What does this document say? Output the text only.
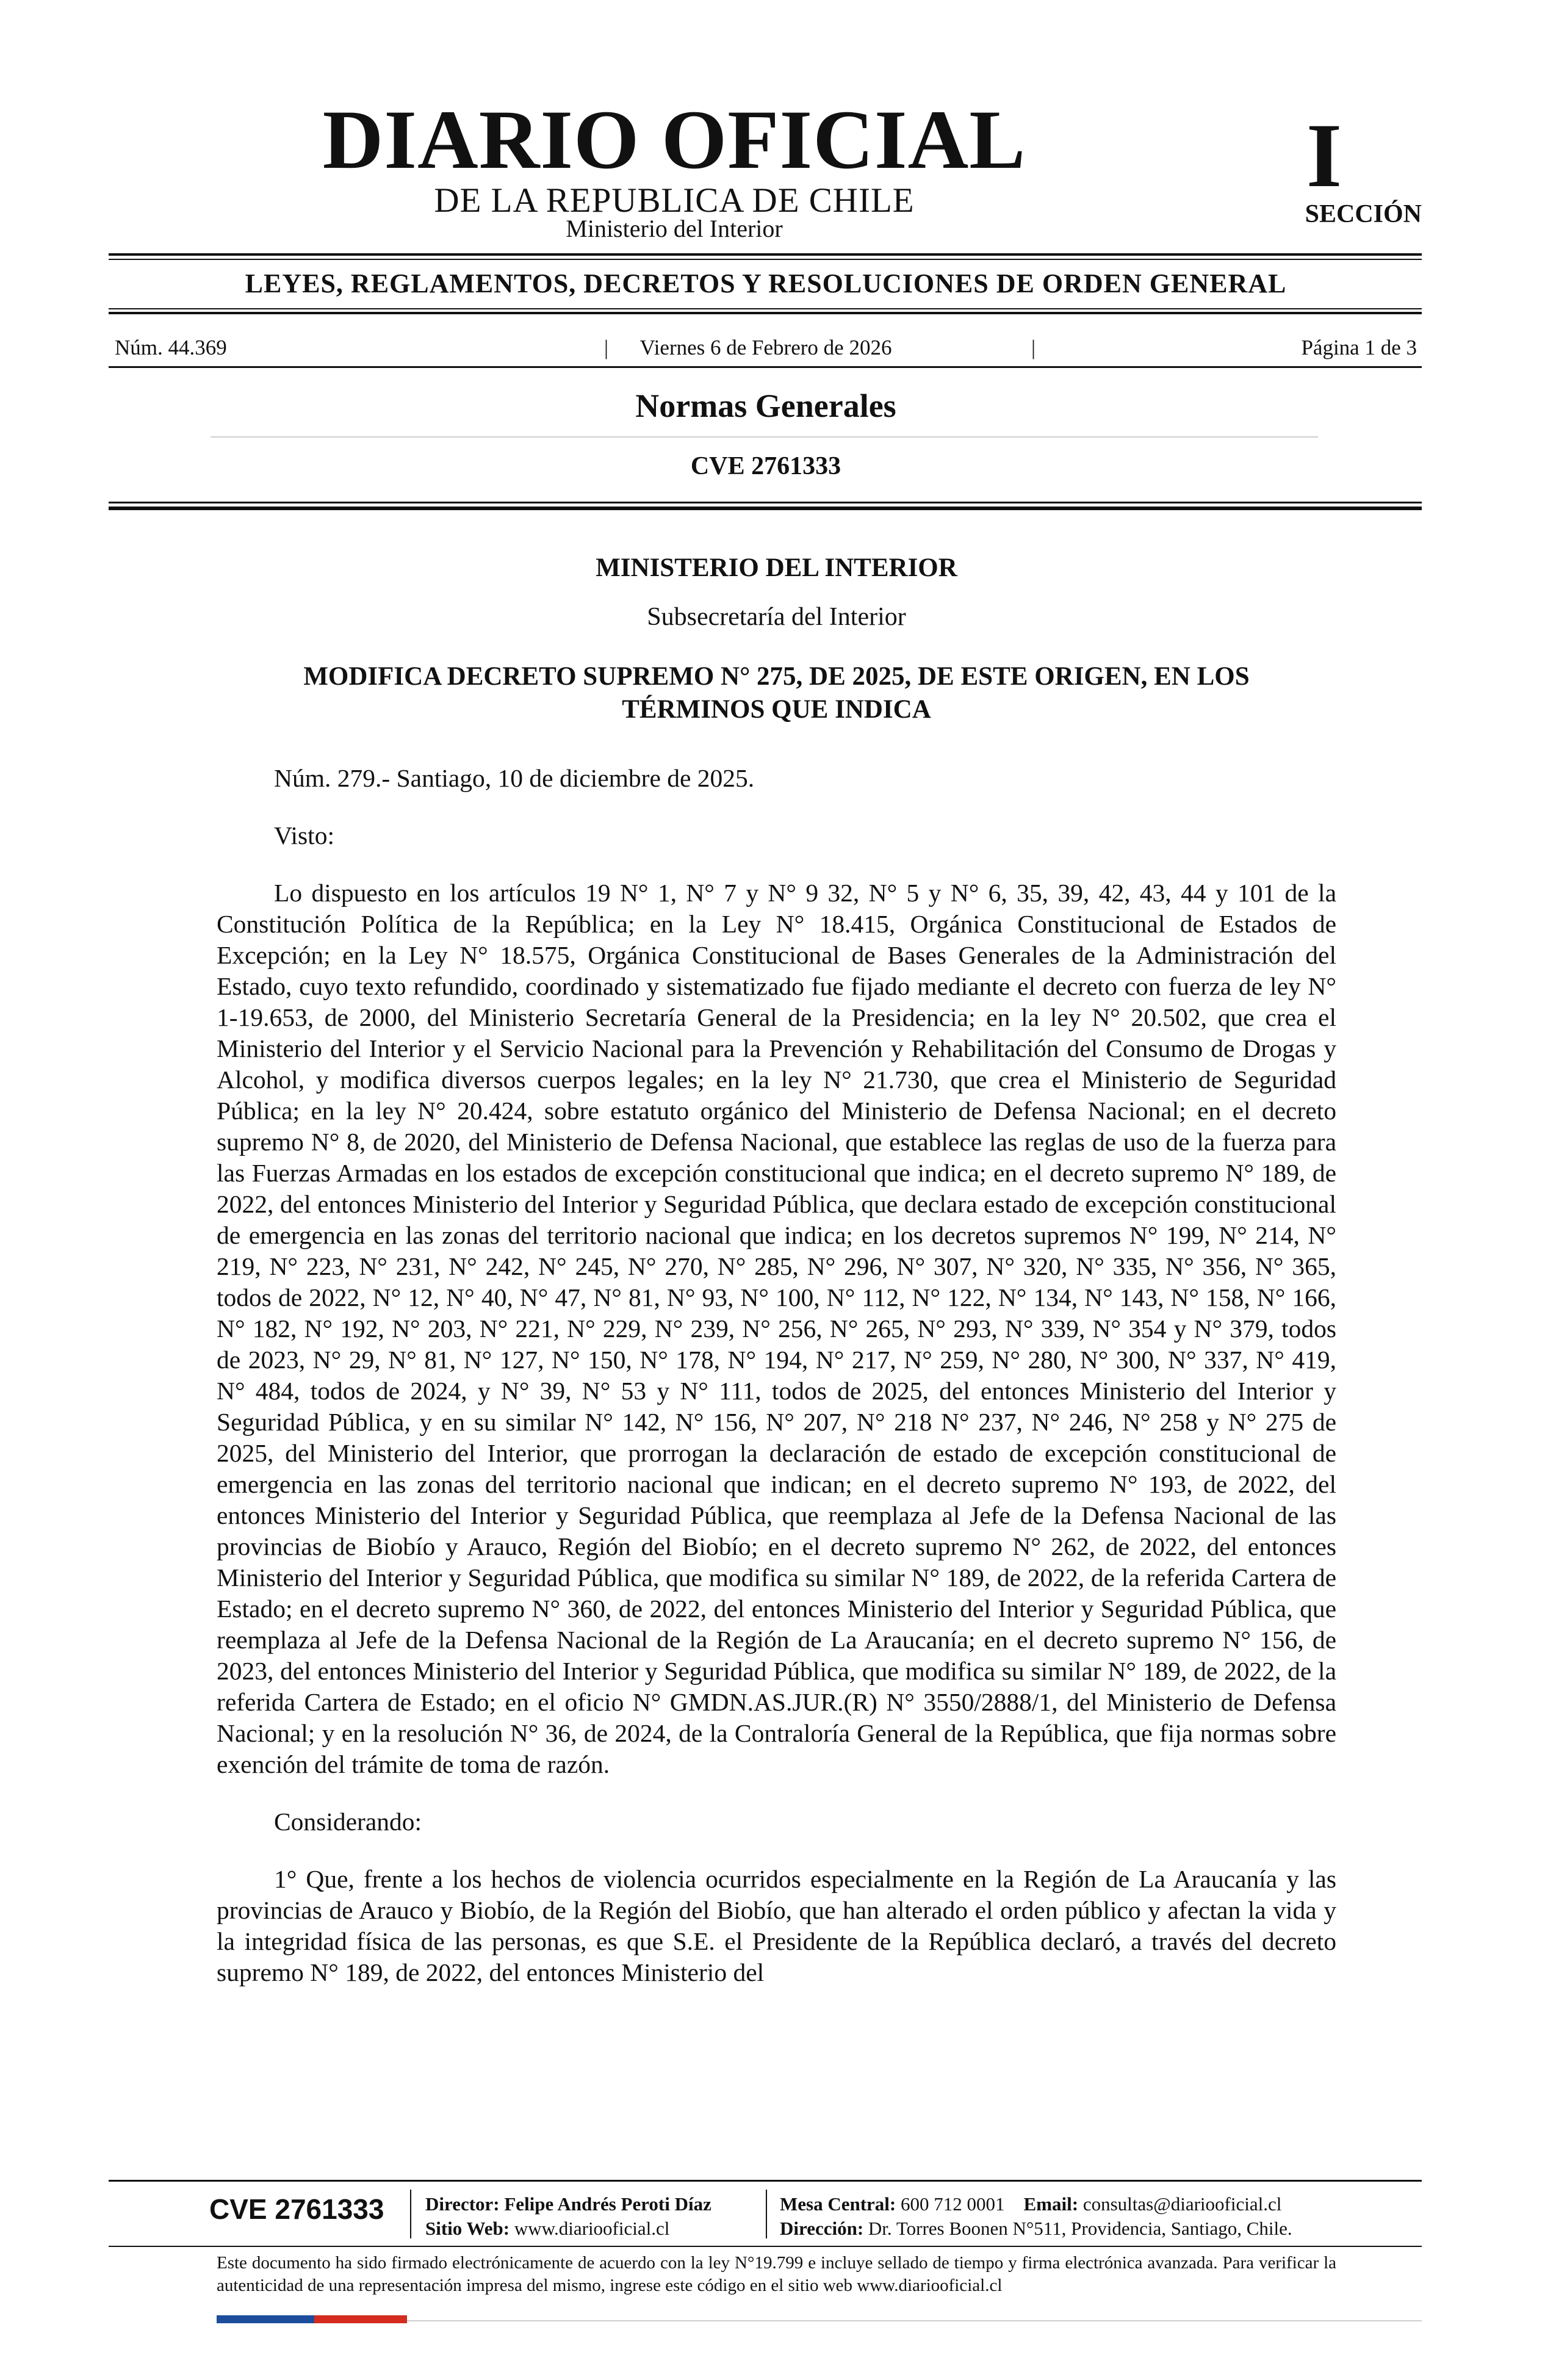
DIARIO OFICIAL
DE LA REPUBLICA DE CHILE
Ministerio del Interior
I
SECCIÓN
LEYES, REGLAMENTOS, DECRETOS Y RESOLUCIONES DE ORDEN GENERAL
Núm. 44.369	|	Viernes 6 de Febrero de 2026	|	Página 1 de 3
Normas Generales
CVE 2761333

MINISTERIO DEL INTERIOR

Subsecretaría del Interior

MODIFICA DECRETO SUPREMO N° 275, DE 2025, DE ESTE ORIGEN, EN LOS TÉRMINOS QUE INDICA

Núm. 279.- Santiago, 10 de diciembre de 2025.

Visto:

Lo dispuesto en los artículos 19 N° 1, N° 7 y N° 9 32, N° 5 y N° 6, 35, 39, 42, 43, 44 y 101 de la Constitución Política de la República; en la Ley N° 18.415, Orgánica Constitucional de Estados de Excepción; en la Ley N° 18.575, Orgánica Constitucional de Bases Generales de la Administración del Estado, cuyo texto refundido, coordinado y sistematizado fue fijado mediante el decreto con fuerza de ley N° 1-19.653, de 2000, del Ministerio Secretaría General de la Presidencia; en la ley N° 20.502, que crea el Ministerio del Interior y el Servicio Nacional para la Prevención y Rehabilitación del Consumo de Drogas y Alcohol, y modifica diversos cuerpos legales; en la ley N° 21.730, que crea el Ministerio de Seguridad Pública; en la ley N° 20.424, sobre estatuto orgánico del Ministerio de Defensa Nacional; en el decreto supremo N° 8, de 2020, del Ministerio de Defensa Nacional, que establece las reglas de uso de la fuerza para las Fuerzas Armadas en los estados de excepción constitucional que indica; en el decreto supremo N° 189, de 2022, del entonces Ministerio del Interior y Seguridad Pública, que declara estado de excepción constitucional de emergencia en las zonas del territorio nacional que indica; en los decretos supremos N° 199, N° 214, N° 219, N° 223, N° 231, N° 242, N° 245, N° 270, N° 285, N° 296, N° 307, N° 320, N° 335, N° 356, N° 365, todos de 2022, N° 12, N° 40, N° 47, N° 81, N° 93, N° 100, N° 112, N° 122, N° 134, N° 143, N° 158, N° 166, N° 182, N° 192, N° 203, N° 221, N° 229, N° 239, N° 256, N° 265, N° 293, N° 339, N° 354 y N° 379, todos de 2023, N° 29, N° 81, N° 127, N° 150, N° 178, N° 194, N° 217, N° 259, N° 280, N° 300, N° 337, N° 419, N° 484, todos de 2024, y N° 39, N° 53 y N° 111, todos de 2025, del entonces Ministerio del Interior y Seguridad Pública, y en su similar N° 142, N° 156, N° 207, N° 218 N° 237, N° 246, N° 258 y N° 275 de 2025, del Ministerio del Interior, que prorrogan la declaración de estado de excepción constitucional de emergencia en las zonas del territorio nacional que indican; en el decreto supremo N° 193, de 2022, del entonces Ministerio del Interior y Seguridad Pública, que reemplaza al Jefe de la Defensa Nacional de las provincias de Biobío y Arauco, Región del Biobío; en el decreto supremo N° 262, de 2022, del entonces Ministerio del Interior y Seguridad Pública, que modifica su similar N° 189, de 2022, de la referida Cartera de Estado; en el decreto supremo N° 360, de 2022, del entonces Ministerio del Interior y Seguridad Pública, que reemplaza al Jefe de la Defensa Nacional de la Región de La Araucanía; en el decreto supremo N° 156, de 2023, del entonces Ministerio del Interior y Seguridad Pública, que modifica su similar N° 189, de 2022, de la referida Cartera de Estado; en el oficio N° GMDN.AS.JUR.(R) N° 3550/2888/1, del Ministerio de Defensa Nacional; y en la resolución N° 36, de 2024, de la Contraloría General de la República, que fija normas sobre exención del trámite de toma de razón.

Considerando:

1° Que, frente a los hechos de violencia ocurridos especialmente en la Región de La Araucanía y las provincias de Arauco y Biobío, de la Región del Biobío, que han alterado el orden público y afectan la vida y la integridad física de las personas, es que S.E. el Presidente de la República declaró, a través del decreto supremo N° 189, de 2022, del entonces Ministerio del

CVE 2761333 Director: Felipe Andrés Peroti Díaz
Sitio Web: www.diariooficial.cl
Mesa Central: 600 712 0001 Email: consultas@diariooficial.cl
Dirección: Dr. Torres Boonen N°511, Providencia, Santiago, Chile.
Este documento ha sido firmado electrónicamente de acuerdo con la ley N°19.799 e incluye sellado de tiempo y firma electrónica avanzada. Para verificar la autenticidad de una representación impresa del mismo, ingrese este código en el sitio web www.diariooficial.cl
